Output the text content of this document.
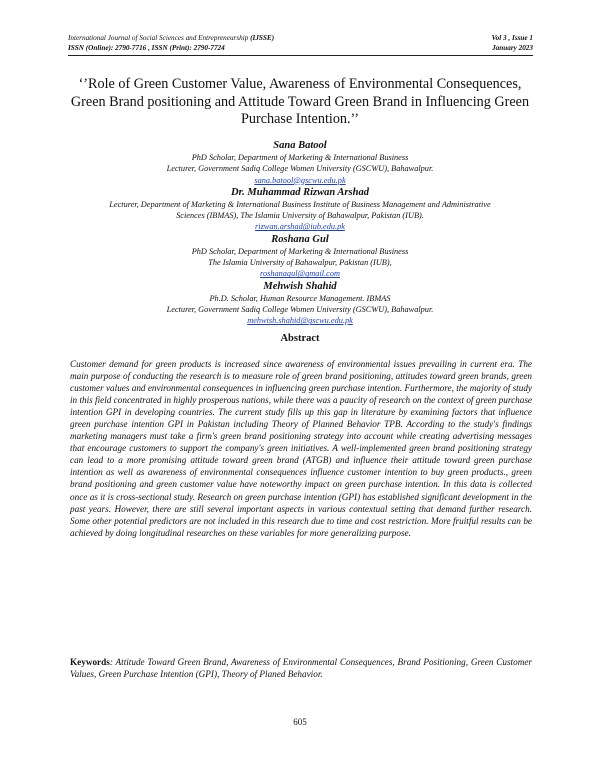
International Journal of Social Sciences and Entrepreneurship (IJSSE)	Vol 3 , Issue 1
ISSN (Online): 2790-7716 , ISSN (Print): 2790-7724	January 2023
‘’Role of Green Customer Value, Awareness of Environmental Consequences, Green Brand positioning and Attitude Toward Green Brand in Influencing Green Purchase Intention.’’
Sana Batool
PhD Scholar, Department of Marketing & International Business
Lecturer, Government Sadiq College Women University (GSCWU), Bahawalpur.
sana.batool@gscwu.edu.pk
Dr. Muhammad Rizwan Arshad
Lecturer, Department of Marketing & International Business Institute of Business Management and Administrative
Sciences (IBMAS), The Islamia University of Bahawalpur, Pakistan (IUB).
rizwan.arshad@iub.edu.pk
Roshana Gul
PhD Scholar, Department of Marketing & International Business
The Islamia University of Bahawalpur, Pakistan (IUB),
roshanagul@gmail.com
Mehwish Shahid
Ph.D. Scholar, Human Resource Management. IBMAS
Lecturer, Government Sadiq College Women University (GSCWU), Bahawalpur.
mehwish.shahid@gscwu.edu.pk
Abstract
Customer demand for green products is increased since awareness of environmental issues prevailing in current era. The main purpose of conducting the research is to measure role of green brand positioning, attitudes toward green brands, green customer values and environmental consequences in influencing green purchase intention. Furthermore, the majority of study in this field concentrated in highly prosperous nations, while there was a paucity of research on the context of green purchase intention GPI in developing countries. The current study fills up this gap in literature by examining factors that influence green purchase intention GPI in Pakistan including Theory of Planned Behavior TPB. According to the study's findings marketing managers must take a firm's green brand positioning strategy into account while creating advertising messages that encourage customers to support the company's green initiatives. A well-implemented green brand positioning strategy can lead to a more promising attitude toward green brand (ATGB) and influence their attitude toward green purchase intention as well as awareness of environmental consequences influence customer intention to buy green products., green brand positioning and green customer value have noteworthy impact on green purchase intention. In this data is collected once as it is cross-sectional study. Research on green purchase intention (GPI) has established significant development in the past years. However, there are still several important aspects in various contextual setting that demand further research. Some other potential predictors are not included in this research due to time and cost restriction. More fruitful results can be achieved by doing longitudinal researches on these variables for more generalizing purpose.
Keywords: Attitude Toward Green Brand, Awareness of Environmental Consequences, Brand Positioning, Green Customer Values, Green Purchase Intention (GPI), Theory of Planed Behavior.
605
